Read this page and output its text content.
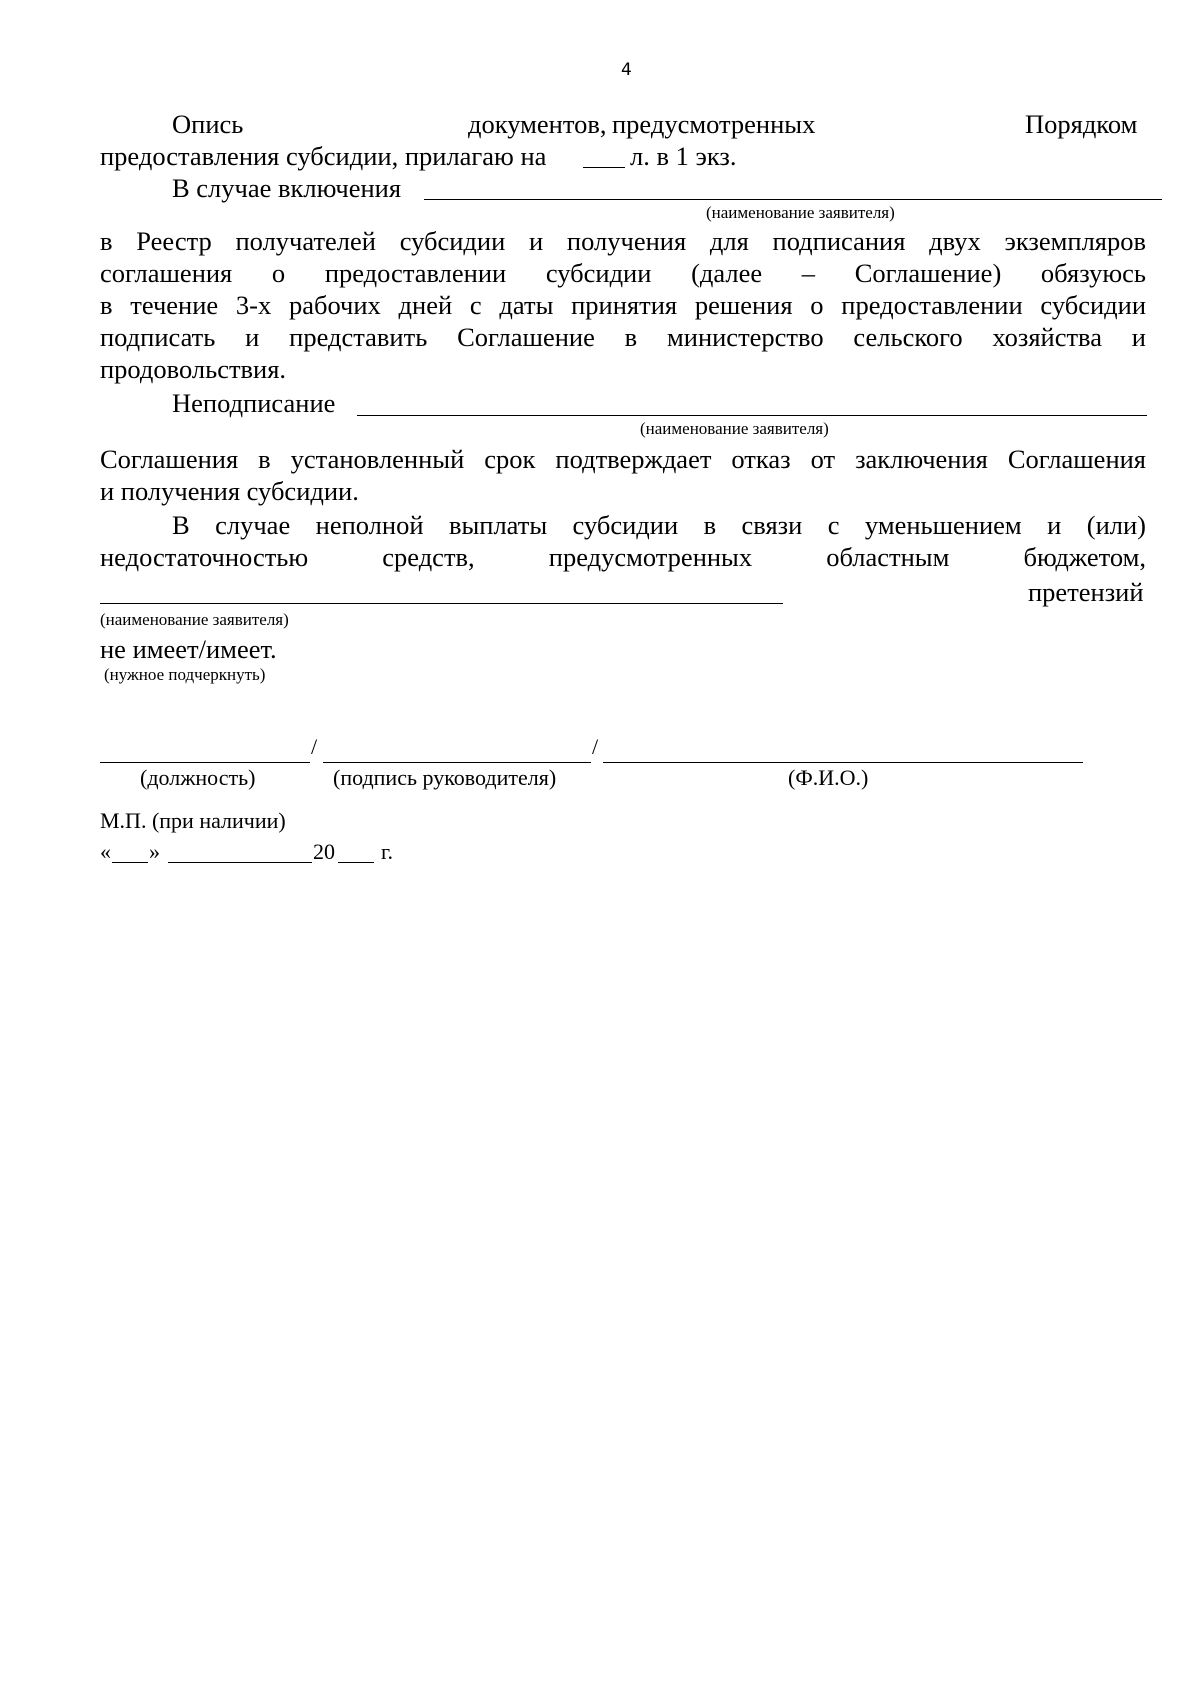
4
Опись	документов, предусмотренных	Порядком
предоставления субсидии, прилагаю на	л. в 1 экз.
В случае включения
(наименование заявителя)
в Реестр получателей субсидии и получения для подписания двух экземпляров
соглашения о предоставлении субсидии (далее – Соглашение) обязуюсь
в течение 3-х рабочих дней с даты принятия решения о предоставлении субсидии
подписать и представить Соглашение в министерство сельского хозяйства и
продовольствия.
Неподписание
(наименование заявителя)
Соглашения в установленный срок подтверждает отказ от заключения Соглашения
и получения субсидии.
В случае неполной выплаты субсидии в связи с уменьшением и (или)
недостаточностью средств, предусмотренных областным бюджетом,
претензий
(наименование заявителя)
не имеет/имеет.
(нужное подчеркнуть)
/	/
(должность)	(подпись руководителя)	(Ф.И.О.)
М.П. (при наличии)
« »	20 г.
